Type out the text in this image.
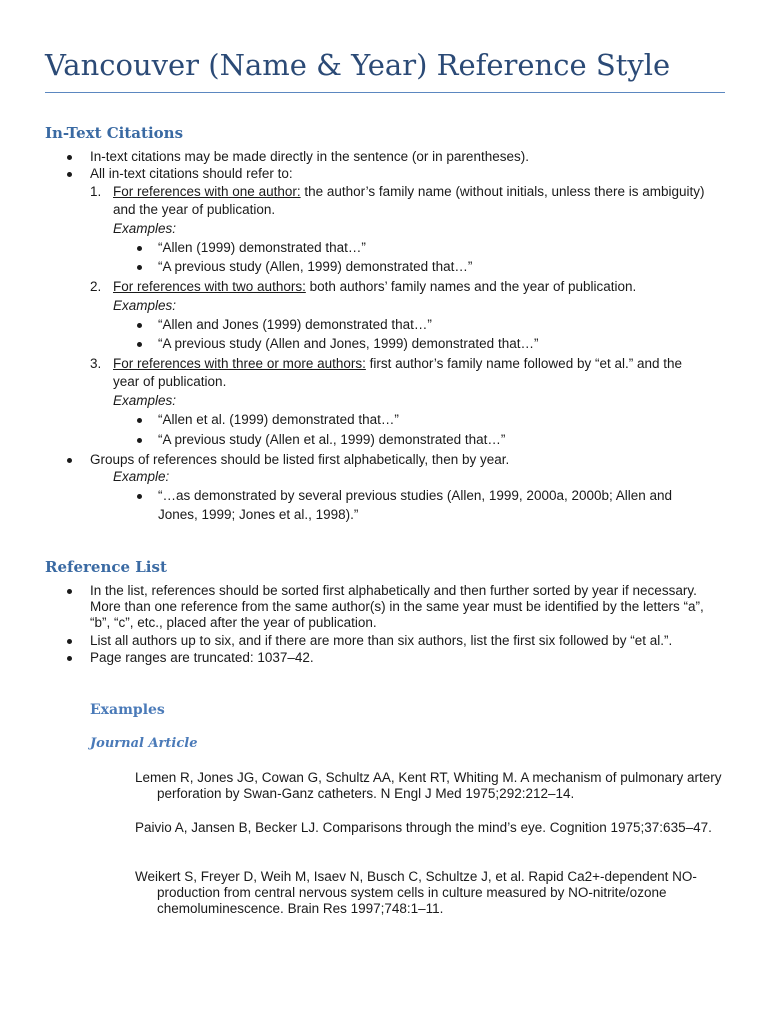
Vancouver (Name & Year) Reference Style
In-Text Citations

In-text citations may be made directly in the sentence (or in parentheses).

All in-text citations should refer to:

1. For references with one author: the author’s family name (without initials, unless there is ambiguity)

and the year of publication.

Examples:

“Allen (1999) demonstrated that…”

“A previous study (Allen, 1999) demonstrated that…”

2. For references with two authors: both authors’ family names and the year of publication.

Examples:

“Allen and Jones (1999) demonstrated that…”

“A previous study (Allen and Jones, 1999) demonstrated that…”

3. For references with three or more authors: first author’s family name followed by “et al.” and the

year of publication.

Examples:

“Allen et al. (1999) demonstrated that…”

“A previous study (Allen et al., 1999) demonstrated that…”

Groups of references should be listed first alphabetically, then by year.

Example:

“…as demonstrated by several previous studies (Allen, 1999, 2000a, 2000b; Allen and

Jones, 1999; Jones et al., 1998).”

Reference List

In the list, references should be sorted first alphabetically and then further sorted by year if necessary.

More than one reference from the same author(s) in the same year must be identified by the letters “a”,

“b”, “c”, etc., placed after the year of publication.

List all authors up to six, and if there are more than six authors, list the first six followed by “et al.”.

Page ranges are truncated: 1037–42.

Examples
Journal Article

Lemen R, Jones JG, Cowan G, Schultz AA, Kent RT, Whiting M. A mechanism of pulmonary artery perforation by Swan-Ganz catheters. N Engl J Med 1975;292:212–14.

Paivio A, Jansen B, Becker LJ. Comparisons through the mind’s eye. Cognition 1975;37:635–47.

Weikert S, Freyer D, Weih M, Isaev N, Busch C, Schultze J, et al. Rapid Ca2+-dependent NO-production from central nervous system cells in culture measured by NO-nitrite/ozone chemoluminescence. Brain Res 1997;748:1–11.
